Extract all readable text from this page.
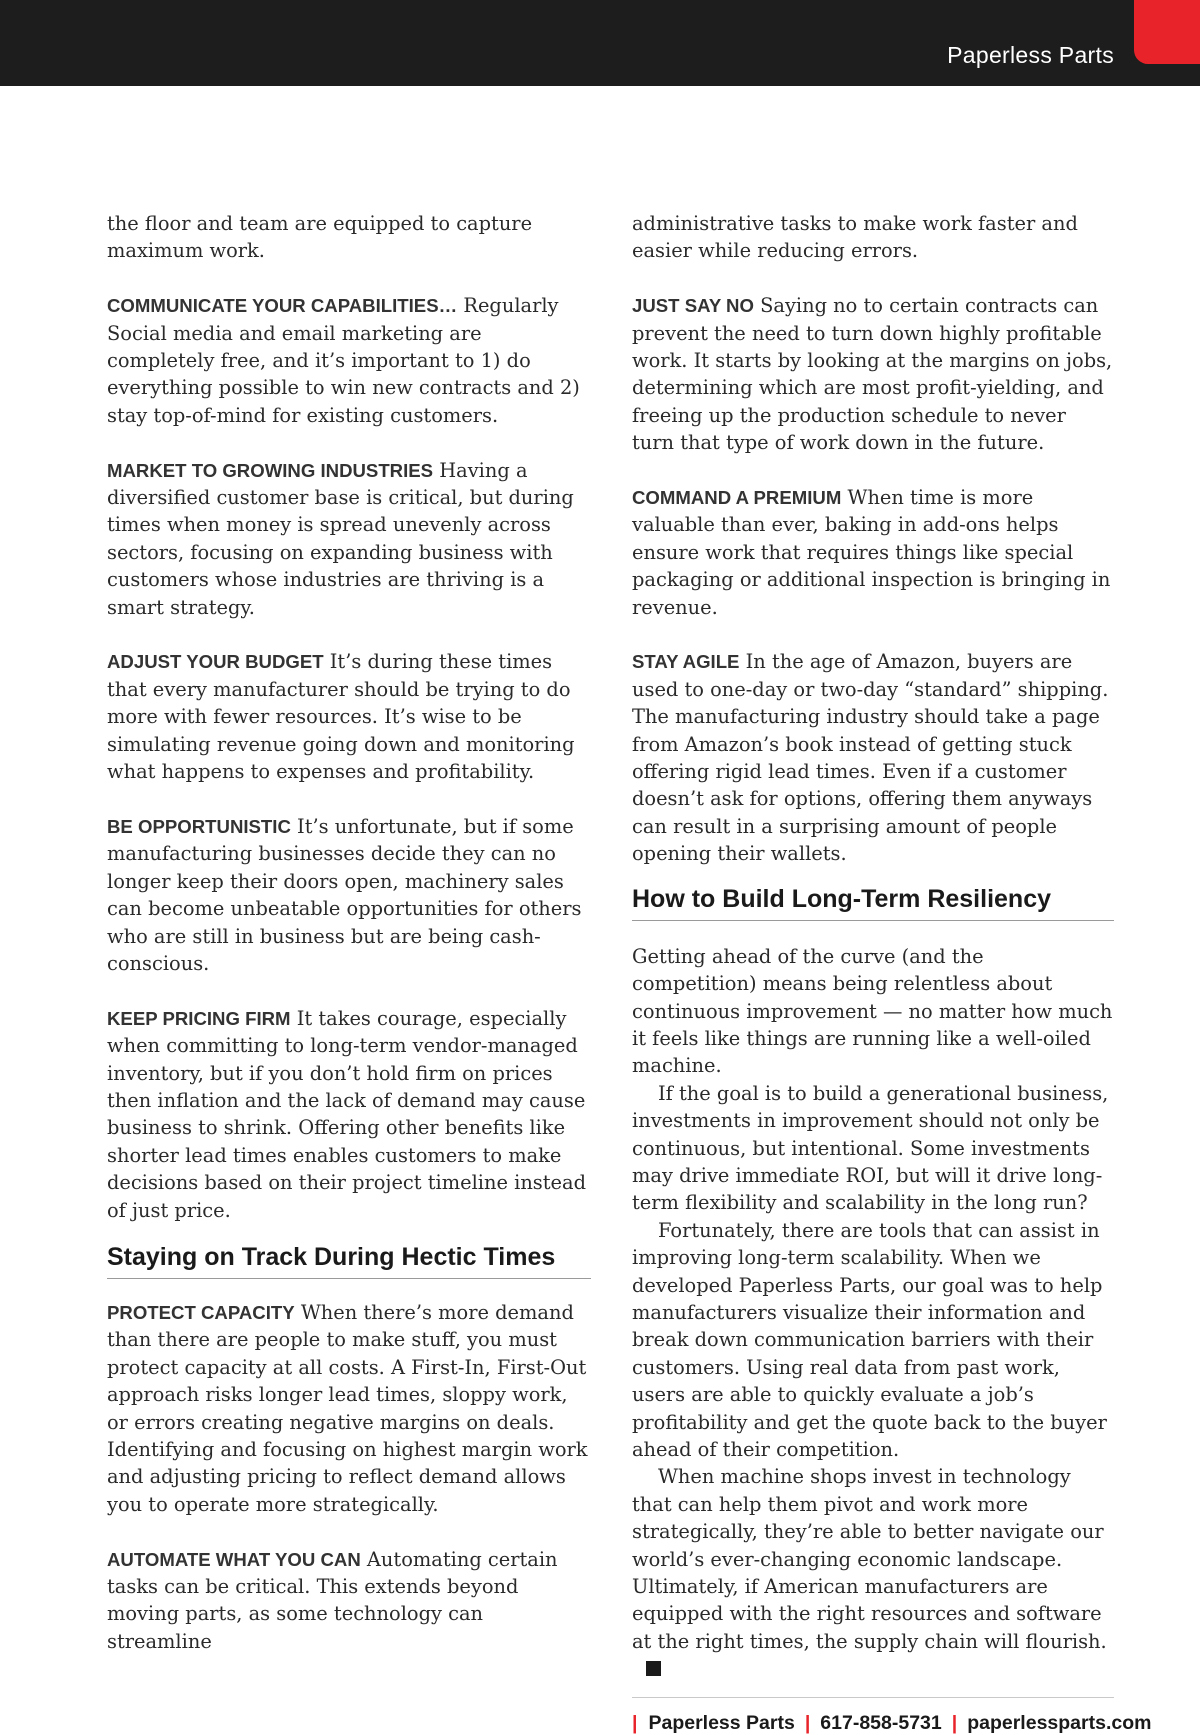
Paperless Parts

the floor and team are equipped to capture maximum work.

COMMUNICATE YOUR CAPABILITIES… Regularly Social media and email marketing are completely free, and it’s important to 1) do everything possible to win new contracts and 2) stay top-of-mind for existing customers.

MARKET TO GROWING INDUSTRIES Having a diversified customer base is critical, but during times when money is spread unevenly across sectors, focusing on expanding business with customers whose industries are thriving is a smart strategy.

ADJUST YOUR BUDGET It’s during these times that every manufacturer should be trying to do more with fewer resources. It’s wise to be simulating revenue going down and monitoring what happens to expenses and profitability.

BE OPPORTUNISTIC It’s unfortunate, but if some manufacturing businesses decide they can no longer keep their doors open, machinery sales can become unbeatable opportunities for others who are still in business but are being cash-conscious.

KEEP PRICING FIRM It takes courage, especially when committing to long-term vendor-managed inventory, but if you don’t hold firm on prices then inflation and the lack of demand may cause business to shrink. Offering other benefits like shorter lead times enables customers to make decisions based on their project timeline instead of just price.

Staying on Track During Hectic Times

PROTECT CAPACITY When there’s more demand than there are people to make stuff, you must protect capacity at all costs. A First-In, First-Out approach risks longer lead times, sloppy work, or errors creating negative margins on deals. Identifying and focusing on highest margin work and adjusting pricing to reflect demand allows you to operate more strategically.

AUTOMATE WHAT YOU CAN Automating certain tasks can be critical. This extends beyond moving parts, as some technology can streamline

administrative tasks to make work faster and easier while reducing errors.

JUST SAY NO Saying no to certain contracts can prevent the need to turn down highly profitable work. It starts by looking at the margins on jobs, determining which are most profit-yielding, and freeing up the production schedule to never turn that type of work down in the future.

COMMAND A PREMIUM When time is more valuable than ever, baking in add-ons helps ensure work that requires things like special packaging or additional inspection is bringing in revenue.

STAY AGILE In the age of Amazon, buyers are used to one-day or two-day “standard” shipping. The manufacturing industry should take a page from Amazon’s book instead of getting stuck offering rigid lead times. Even if a customer doesn’t ask for options, offering them anyways can result in a surprising amount of people opening their wallets.

How to Build Long-Term Resiliency

Getting ahead of the curve (and the competition) means being relentless about continuous improvement — no matter how much it feels like things are running like a well-oiled machine.

If the goal is to build a generational business, investments in improvement should not only be continuous, but intentional. Some investments may drive immediate ROI, but will it drive long-term flexibility and scalability in the long run?

Fortunately, there are tools that can assist in improving long-term scalability. When we developed Paperless Parts, our goal was to help manufacturers visualize their information and break down communication barriers with their customers. Using real data from past work, users are able to quickly evaluate a job’s profitability and get the quote back to the buyer ahead of their competition.

When machine shops invest in technology that can help them pivot and work more strategically, they’re able to better navigate our world’s ever-changing economic landscape. Ultimately, if American manufacturers are equipped with the right resources and software at the right times, the supply chain will flourish.

| Paperless Parts | 617-858-5731 | paperlessparts.com
